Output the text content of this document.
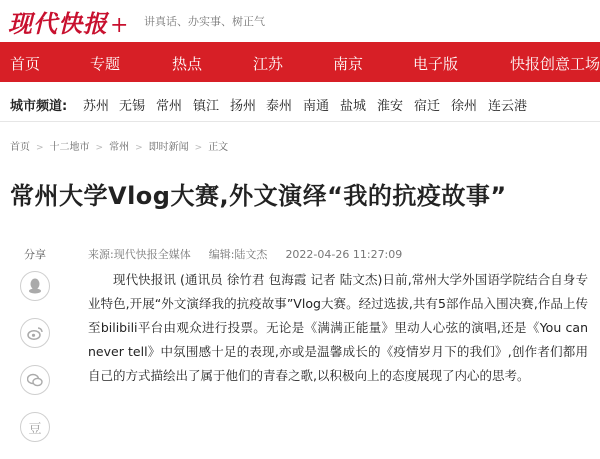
现代快报+ 讲真话、办实事、树正气
首页	专题	热点	江苏	南京	电子版	快报创意工场
城市频道: 苏州 无锡 常州 镇江 扬州 泰州 南通 盐城 淮安 宿迁 徐州 连云港
首页 > 十二地市 > 常州 > 即时新闻 > 正文
常州大学Vlog大赛,外文演绎“我的抗疫故事”
分享
豆
来源:现代快报全媒体 编辑:陆文杰 2022-04-26 11:27:09

现代快报讯 (通讯员 徐竹君 包海霞 记者 陆文杰)日前,常州大学外国语学院结合自身专业特色,开展“外文演绎我的抗疫故事”Vlog大赛。经过选拔,共有5部作品入围决赛,作品上传至bilibili平台由观众进行投票。无论是《满满正能量》里动人心弦的演唱,还是《You can never tell》中氛围感十足的表现,亦或是温馨成长的《疫情岁月下的我们》,创作者们都用自己的方式描绘出了属于他们的青春之歌,以积极向上的态度展现了内心的思考。
